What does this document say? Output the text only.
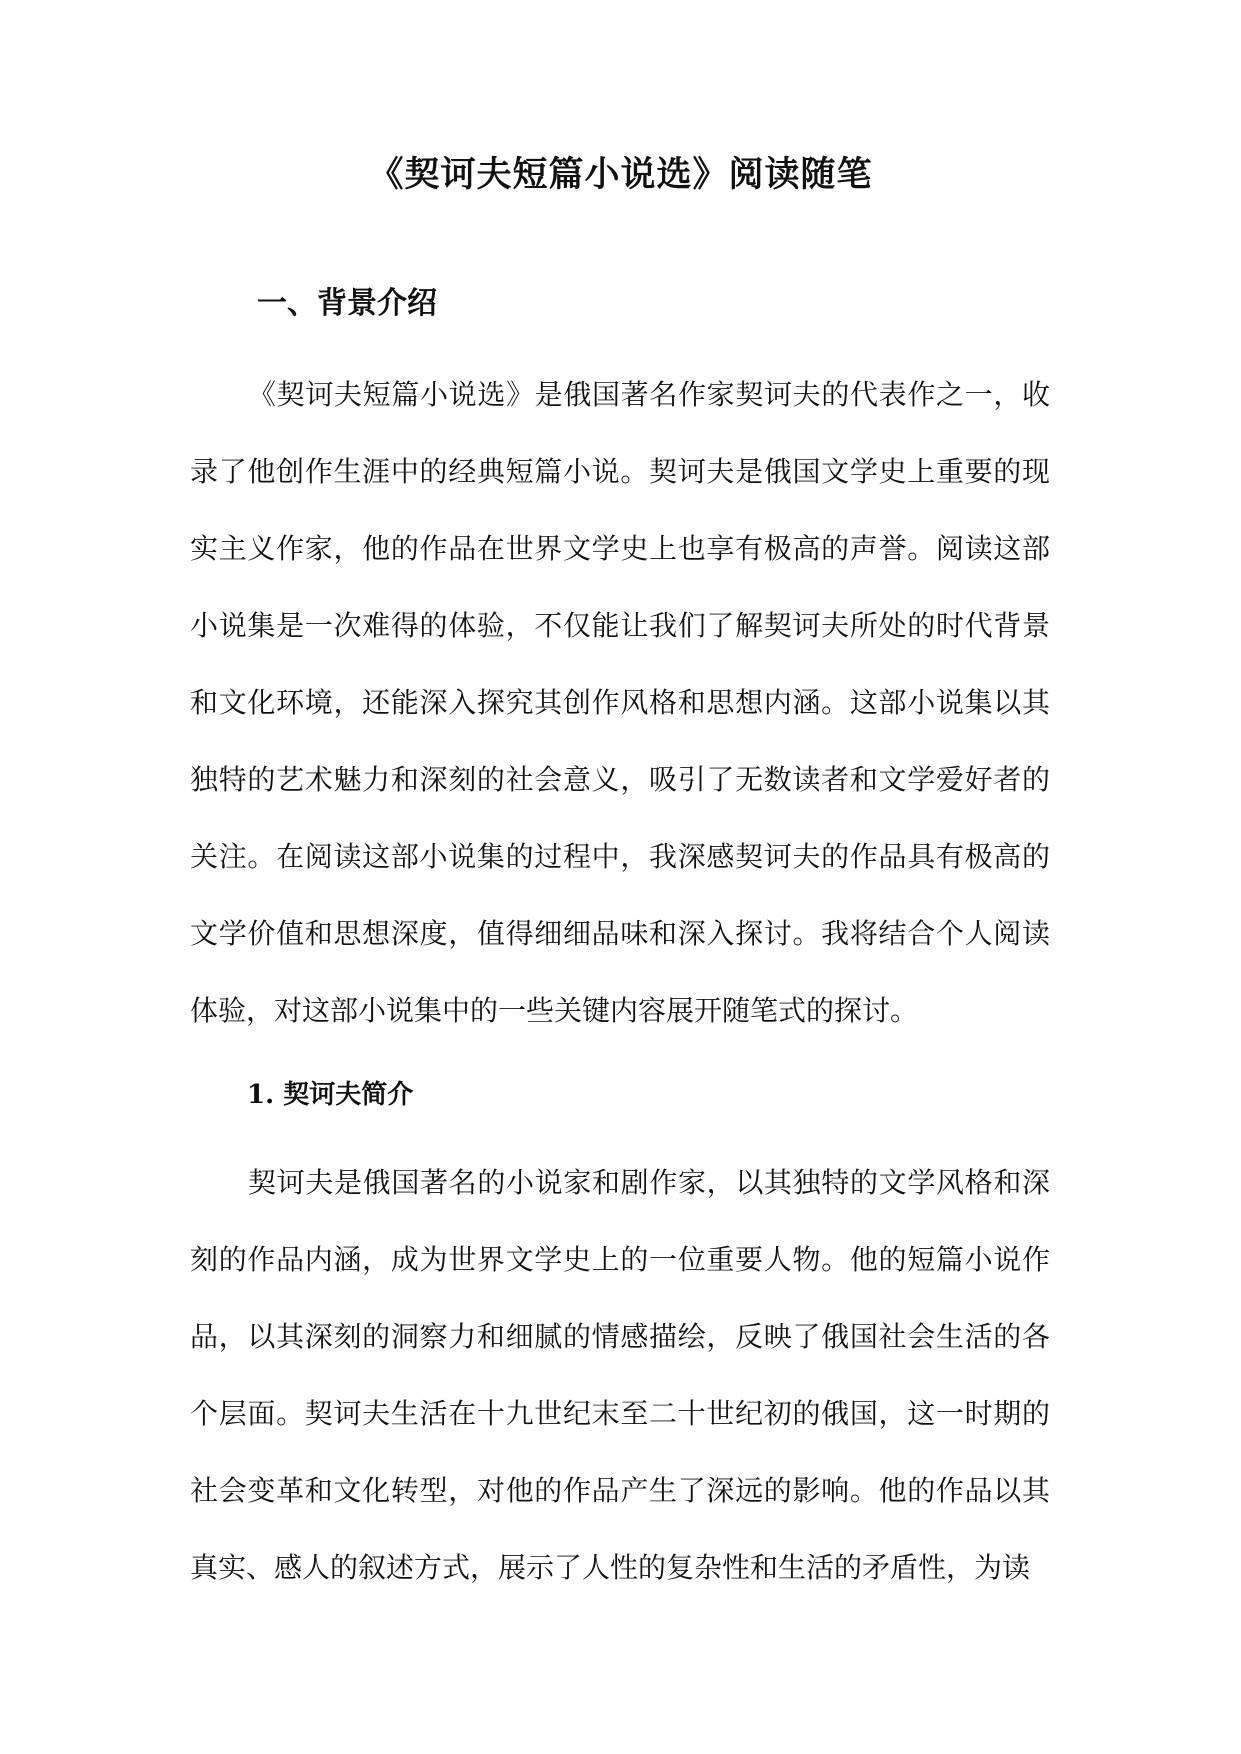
《契诃夫短篇小说选》阅读随笔
一、背景介绍

《契诃夫短篇小说选》是俄国著名作家契诃夫的代表作之一，收录了他创作生涯中的经典短篇小说。契诃夫是俄国文学史上重要的现实主义作家，他的作品在世界文学史上也享有极高的声誉。阅读这部小说集是一次难得的体验，不仅能让我们了解契诃夫所处的时代背景和文化环境，还能深入探究其创作风格和思想内涵。这部小说集以其独特的艺术魅力和深刻的社会意义，吸引了无数读者和文学爱好者的关注。在阅读这部小说集的过程中，我深感契诃夫的作品具有极高的文学价值和思想深度，值得细细品味和深入探讨。我将结合个人阅读体验，对这部小说集中的一些关键内容展开随笔式的探讨。

1. 契诃夫简介

契诃夫是俄国著名的小说家和剧作家，以其独特的文学风格和深刻的作品内涵，成为世界文学史上的一位重要人物。他的短篇小说作品，以其深刻的洞察力和细腻的情感描绘，反映了俄国社会生活的各个层面。契诃夫生活在十九世纪末至二十世纪初的俄国，这一时期的社会变革和文化转型，对他的作品产生了深远的影响。他的作品以其真实、感人的叙述方式，展示了人性的复杂性和生活的矛盾性，为读
